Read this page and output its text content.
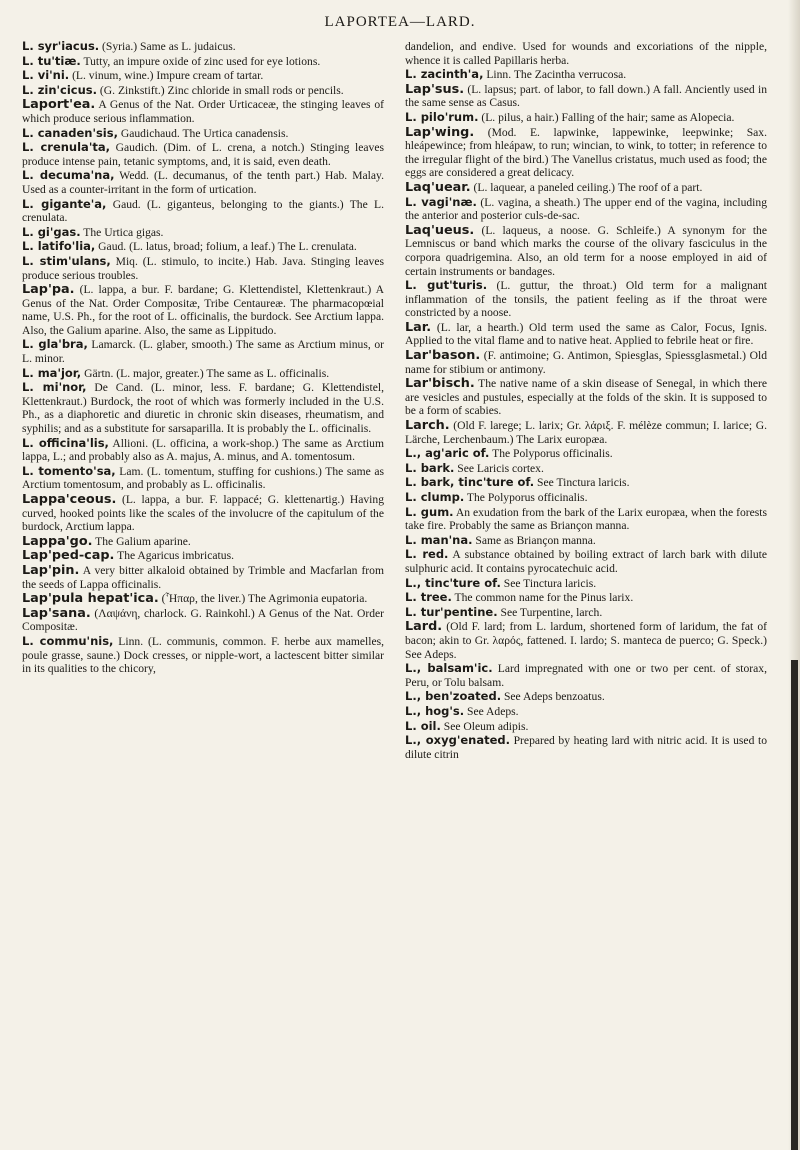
LAPORTEA—LARD.

L. syr'iacus. (Syria.) Same as L. judaicus.

L. tu'tiæ. Tutty, an impure oxide of zinc used for eye lotions.

L. vi'ni. (L. vinum, wine.) Impure cream of tartar.

L. zin'cicus. (G. Zinkstift.) Zinc chloride in small rods or pencils.

Laport'ea. A Genus of the Nat. Order Urticaceæ, the stinging leaves of which produce serious inflammation.

L. canaden'sis, Gaudichaud. The Urtica canadensis.

L. crenula'ta, Gaudich. (Dim. of L. crena, a notch.) Stinging leaves produce intense pain, tetanic symptoms, and, it is said, even death.

L. decuma'na, Wedd. (L. decumanus, of the tenth part.) Hab. Malay. Used as a counter-irritant in the form of urtication.

L. gigante'a, Gaud. (L. giganteus, belonging to the giants.) The L. crenulata.

L. gi'gas. The Urtica gigas.

L. latifo'lia, Gaud. (L. latus, broad; folium, a leaf.) The L. crenulata.

L. stim'ulans, Miq. (L. stimulo, to incite.) Hab. Java. Stinging leaves produce serious troubles.

Lap'pa. (L. lappa, a bur. F. bardane; G. Klettendistel, Klettenkraut.) A Genus of the Nat. Order Compositæ, Tribe Centaureæ. The pharmacopœial name, U.S. Ph., for the root of L. officinalis, the burdock. See Arctium lappa. Also, the Galium aparine. Also, the same as Lippitudo.

L. gla'bra, Lamarck. (L. glaber, smooth.) The same as Arctium minus, or L. minor.

L. ma'jor, Gärtn. (L. major, greater.) The same as L. officinalis.

L. mi'nor, De Cand. (L. minor, less. F. bardane; G. Klettendistel, Klettenkraut.) Burdock, the root of which was formerly included in the U.S. Ph., as a diaphoretic and diuretic in chronic skin diseases, rheumatism, and syphilis; and as a substitute for sarsaparilla. It is probably the L. officinalis.

L. officina'lis, Allioni. (L. officina, a work-shop.) The same as Arctium lappa, L.; and probably also as A. majus, A. minus, and A. tomentosum.

L. tomento'sa, Lam. (L. tomentum, stuffing for cushions.) The same as Arctium tomentosum, and probably as L. officinalis.

Lappa'ceous. (L. lappa, a bur. F. lappacé; G. klettenartig.) Having curved, hooked points like the scales of the involucre of the capitulum of the burdock, Arctium lappa.

Lappa'go. The Galium aparine.

Lap'ped-cap. The Agaricus imbricatus.

Lap'pin. A very bitter alkaloid obtained by Trimble and Macfarlan from the seeds of Lappa officinalis.

Lap'pula hepat'ica. (Ἧπαρ, the liver.) The Agrimonia eupatoria.

Lap'sana. (Λαψάνη, charlock. G. Rainkohl.) A Genus of the Nat. Order Compositæ.

L. commu'nis, Linn. (L. communis, common. F. herbe aux mamelles, poule grasse, saune.) Dock cresses, or nipple-wort, a lactescent bitter similar in its qualities to the chicory,

dandelion, and endive. Used for wounds and excoriations of the nipple, whence it is called Papillaris herba.

L. zacinth'a, Linn. The Zacintha verrucosa.

Lap'sus. (L. lapsus; part. of labor, to fall down.) A fall. Anciently used in the same sense as Casus.

L. pilo'rum. (L. pilus, a hair.) Falling of the hair; same as Alopecia.

Lap'wing. (Mod. E. lapwinke, lappewinke, leepwinke; Sax. hleápewince; from hleápaw, to run; wincian, to wink, to totter; in reference to the irregular flight of the bird.) The Vanellus cristatus, much used as food; the eggs are considered a great delicacy.

Laq'uear. (L. laquear, a paneled ceiling.) The roof of a part.

L. vagi'næ. (L. vagina, a sheath.) The upper end of the vagina, including the anterior and posterior culs-de-sac.

Laq'ueus. (L. laqueus, a noose. G. Schleife.) A synonym for the Lemniscus or band which marks the course of the olivary fasciculus in the corpora quadrigemina. Also, an old term for a noose employed in aid of certain instruments or bandages.

L. gut'turis. (L. guttur, the throat.) Old term for a malignant inflammation of the tonsils, the patient feeling as if the throat were constricted by a noose.

Lar. (L. lar, a hearth.) Old term used the same as Calor, Focus, Ignis. Applied to the vital flame and to native heat. Applied to febrile heat or fire.

Lar'bason. (F. antimoine; G. Antimon, Spiesglas, Spiessglasmetal.) Old name for stibium or antimony.

Lar'bisch. The native name of a skin disease of Senegal, in which there are vesicles and pustules, especially at the folds of the skin. It is supposed to be a form of scabies.

Larch. (Old F. larege; L. larix; Gr. λάριξ. F. mélèze commun; I. larice; G. Lärche, Lerchenbaum.) The Larix europæa.

L., ag'aric of. The Polyporus officinalis.

L. bark. See Laricis cortex.

L. bark, tinc'ture of. See Tinctura laricis.

L. clump. The Polyporus officinalis.

L. gum. An exudation from the bark of the Larix europæa, when the forests take fire. Probably the same as Briançon manna.

L. man'na. Same as Briançon manna.

L. red. A substance obtained by boiling extract of larch bark with dilute sulphuric acid. It contains pyrocatechuic acid.

L., tinc'ture of. See Tinctura laricis.

L. tree. The common name for the Pinus larix.

L. tur'pentine. See Turpentine, larch.

Lard. (Old F. lard; from L. lardum, shortened form of laridum, the fat of bacon; akin to Gr. λαρός, fattened. I. lardo; S. manteca de puerco; G. Speck.) See Adeps.

L., balsam'ic. Lard impregnated with one or two per cent. of storax, Peru, or Tolu balsam.

L., ben'zoated. See Adeps benzoatus.

L., hog's. See Adeps.

L. oil. See Oleum adipis.

L., oxyg'enated. Prepared by heating lard with nitric acid. It is used to dilute citrin
